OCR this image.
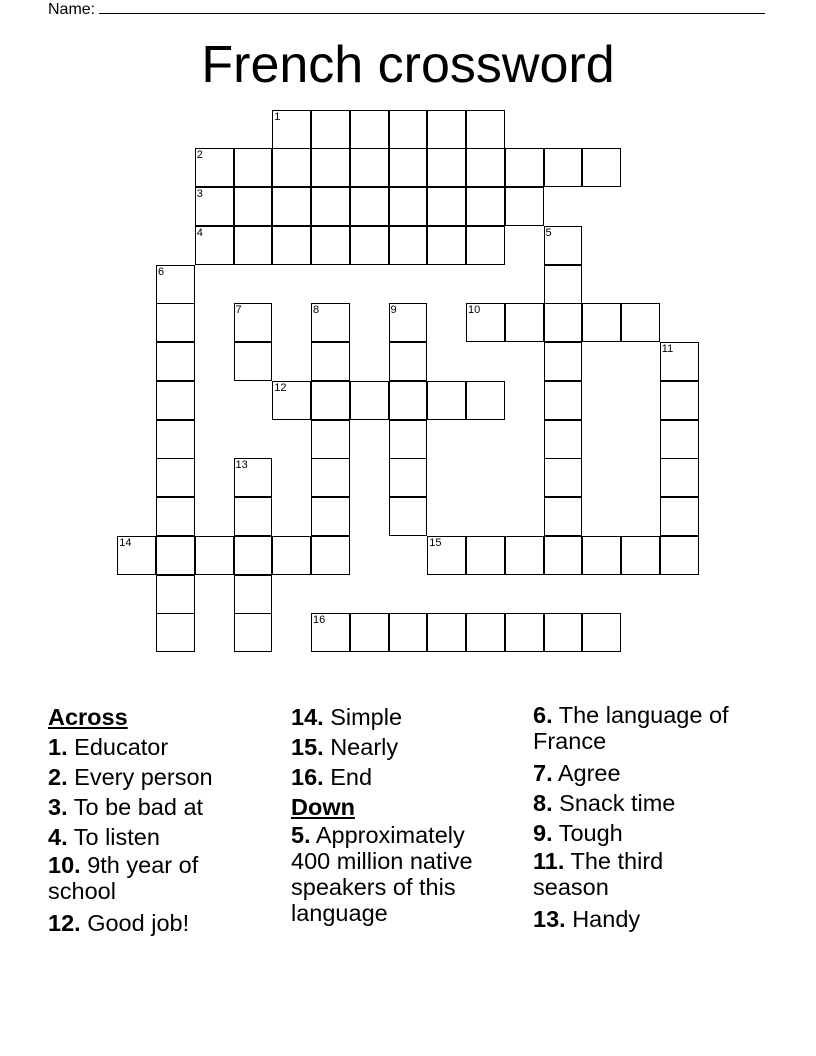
Name:
French crossword
1
2
3
4	5
6
7	8	9	10
11
12
13
14	15
16
Across
1. Educator
2. Every person
3. To be bad at
4. To listen
10. 9th year of school
12. Good job!
14. Simple
15. Nearly
16. End
Down
5. Approximately 400 million native speakers of this language
6. The language of France
7. Agree
8. Snack time
9. Tough
11. The third season
13. Handy
